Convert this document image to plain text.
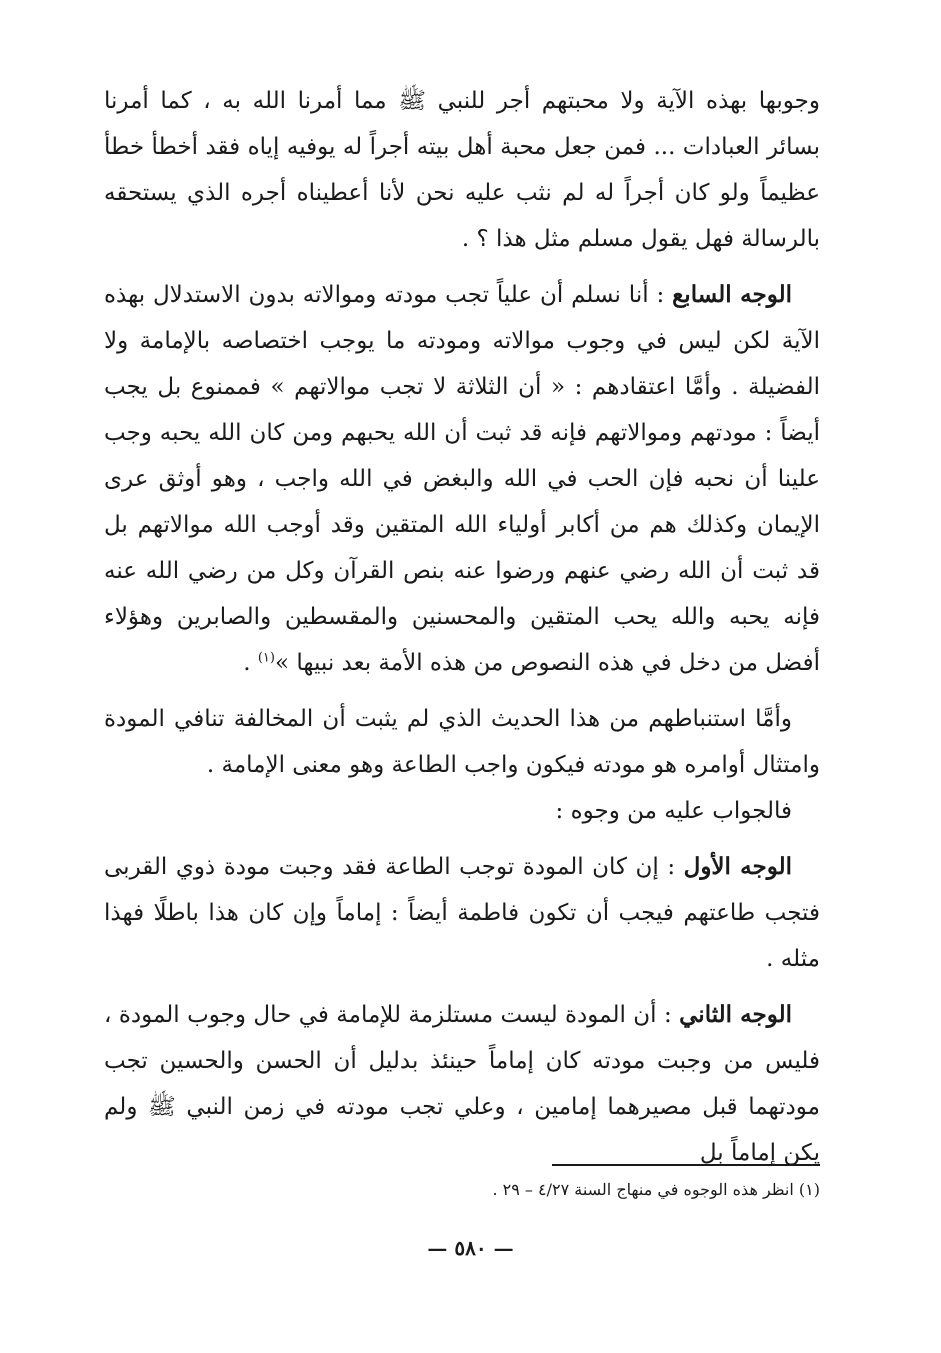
وجوبها بهذه الآية ولا محبتهم أجر للنبي ﷺ مما أمرنا الله به ، كما أمرنا بسائر العبادات ... فمن جعل محبة أهل بيته أجراً له يوفيه إياه فقد أخطأ خطأ عظيماً ولو كان أجراً له لم نثب عليه نحن لأنا أعطيناه أجره الذي يستحقه بالرسالة فهل يقول مسلم مثل هذا ؟ .

الوجه السابع : أنا نسلم أن علياً تجب مودته وموالاته بدون الاستدلال بهذه الآية لكن ليس في وجوب موالاته ومودته ما يوجب اختصاصه بالإمامة ولا الفضيلة . وأمَّا اعتقادهم : « أن الثلاثة لا تجب موالاتهم » فممنوع بل يجب أيضاً : مودتهم وموالاتهم فإنه قد ثبت أن الله يحبهم ومن كان الله يحبه وجب علينا أن نحبه فإن الحب في الله والبغض في الله واجب ، وهو أوثق عرى الإيمان وكذلك هم من أكابر أولياء الله المتقين وقد أوجب الله موالاتهم بل قد ثبت أن الله رضي عنهم ورضوا عنه بنص القرآن وكل من رضي الله عنه فإنه يحبه والله يحب المتقين والمحسنين والمقسطين والصابرين وهؤلاء أفضل من دخل في هذه النصوص من هذه الأمة بعد نبيها »$^{(١)}$ .

وأمَّا استنباطهم من هذا الحديث الذي لم يثبت أن المخالفة تنافي المودة وامتثال أوامره هو مودته فيكون واجب الطاعة وهو معنى الإمامة .

فالجواب عليه من وجوه :

الوجه الأول : إن كان المودة توجب الطاعة فقد وجبت مودة ذوي القربى فتجب طاعتهم فيجب أن تكون فاطمة أيضاً : إماماً وإن كان هذا باطلًا فهذا مثله .

الوجه الثاني : أن المودة ليست مستلزمة للإمامة في حال وجوب المودة ، فليس من وجبت مودته كان إماماً حينئذ بدليل أن الحسن والحسين تجب مودتهما قبل مصيرهما إمامين ، وعلي تجب مودته في زمن النبي ﷺ ولم يكن إماماً بل

(١) انظر هذه الوجوه في منهاج السنة ٤/٢٧ – ٢٩ .
— ٥٨٠ —
